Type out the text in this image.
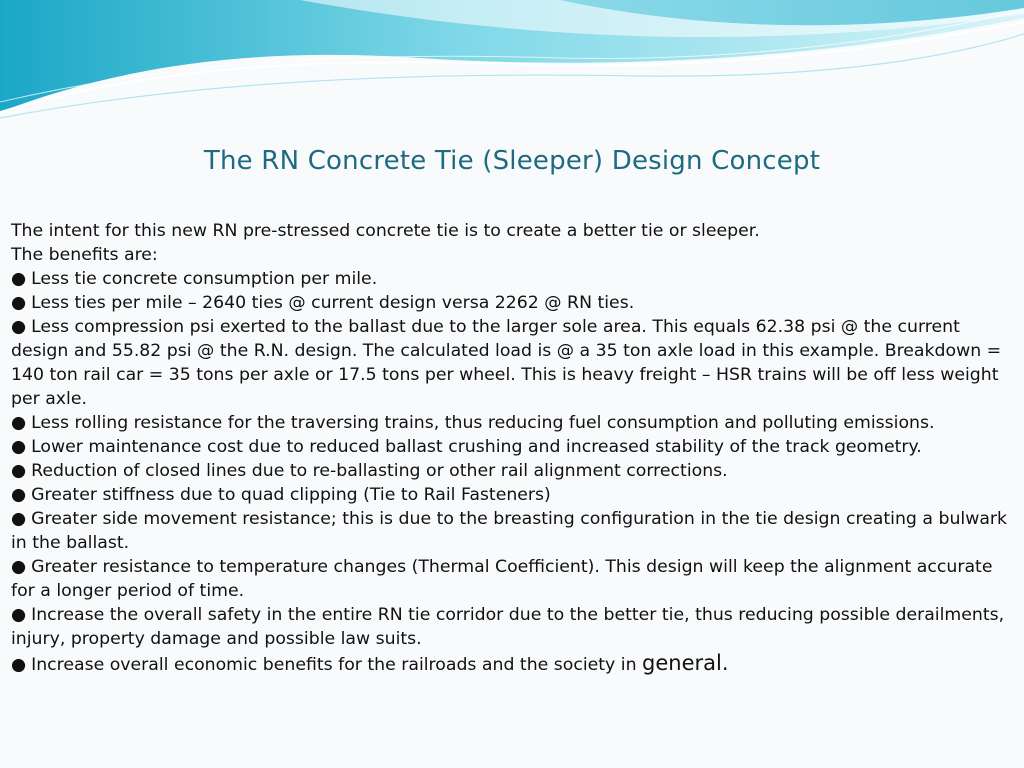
The RN Concrete Tie (Sleeper) Design Concept

The intent for this new RN pre-stressed concrete tie is to create a better tie or sleeper.

The benefits are:

● Less tie concrete consumption per mile.

● Less ties per mile – 2640 ties @ current design versa 2262 @ RN ties.

● Less compression psi exerted to the ballast due to the larger sole area. This equals 62.38 psi @ the current design and 55.82 psi @ the R.N. design. The calculated load is @ a 35 ton axle load in this example. Breakdown = 140 ton rail car = 35 tons per axle or 17.5 tons per wheel. This is heavy freight – HSR trains will be off less weight per axle.

● Less rolling resistance for the traversing trains, thus reducing fuel consumption and polluting emissions.

● Lower maintenance cost due to reduced ballast crushing and increased stability of the track geometry.

● Reduction of closed lines due to re-ballasting or other rail alignment corrections.

● Greater stiffness due to quad clipping (Tie to Rail Fasteners)

● Greater side movement resistance; this is due to the breasting configuration in the tie design creating a bulwark in the ballast.

● Greater resistance to temperature changes (Thermal Coefficient). This design will keep the alignment accurate for a longer period of time.

● Increase the overall safety in the entire RN tie corridor due to the better tie, thus reducing possible derailments, injury, property damage and possible law suits.

● Increase overall economic benefits for the railroads and the society in general.
